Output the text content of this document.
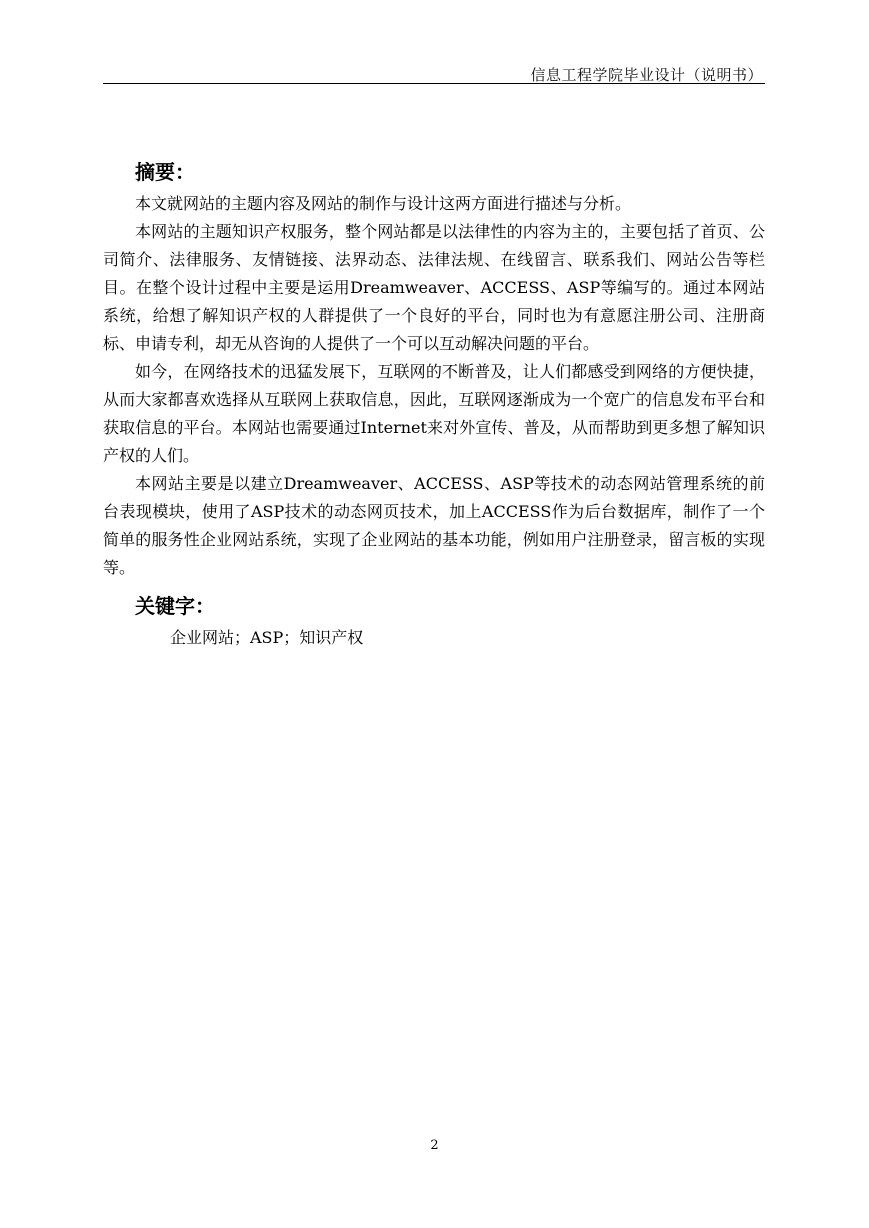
信息工程学院毕业设计（说明书）
摘要：

本文就网站的主题内容及网站的制作与设计这两方面进行描述与分析。

本网站的主题知识产权服务，整个网站都是以法律性的内容为主的，主要包括了首页、公司简介、法律服务、友情链接、法界动态、法律法规、在线留言、联系我们、网站公告等栏目。在整个设计过程中主要是运用Dreamweaver、ACCESS、ASP等编写的。通过本网站系统，给想了解知识产权的人群提供了一个良好的平台，同时也为有意愿注册公司、注册商标、申请专利，却无从咨询的人提供了一个可以互动解决问题的平台。

如今，在网络技术的迅猛发展下，互联网的不断普及，让人们都感受到网络的方便快捷，从而大家都喜欢选择从互联网上获取信息，因此，互联网逐渐成为一个宽广的信息发布平台和获取信息的平台。本网站也需要通过Internet来对外宣传、普及，从而帮助到更多想了解知识产权的人们。

本网站主要是以建立Dreamweaver、ACCESS、ASP等技术的动态网站管理系统的前台表现模块，使用了ASP技术的动态网页技术，加上ACCESS作为后台数据库，制作了一个简单的服务性企业网站系统，实现了企业网站的基本功能，例如用户注册登录，留言板的实现等。

关键字：
企业网站；ASP；知识产权
2
